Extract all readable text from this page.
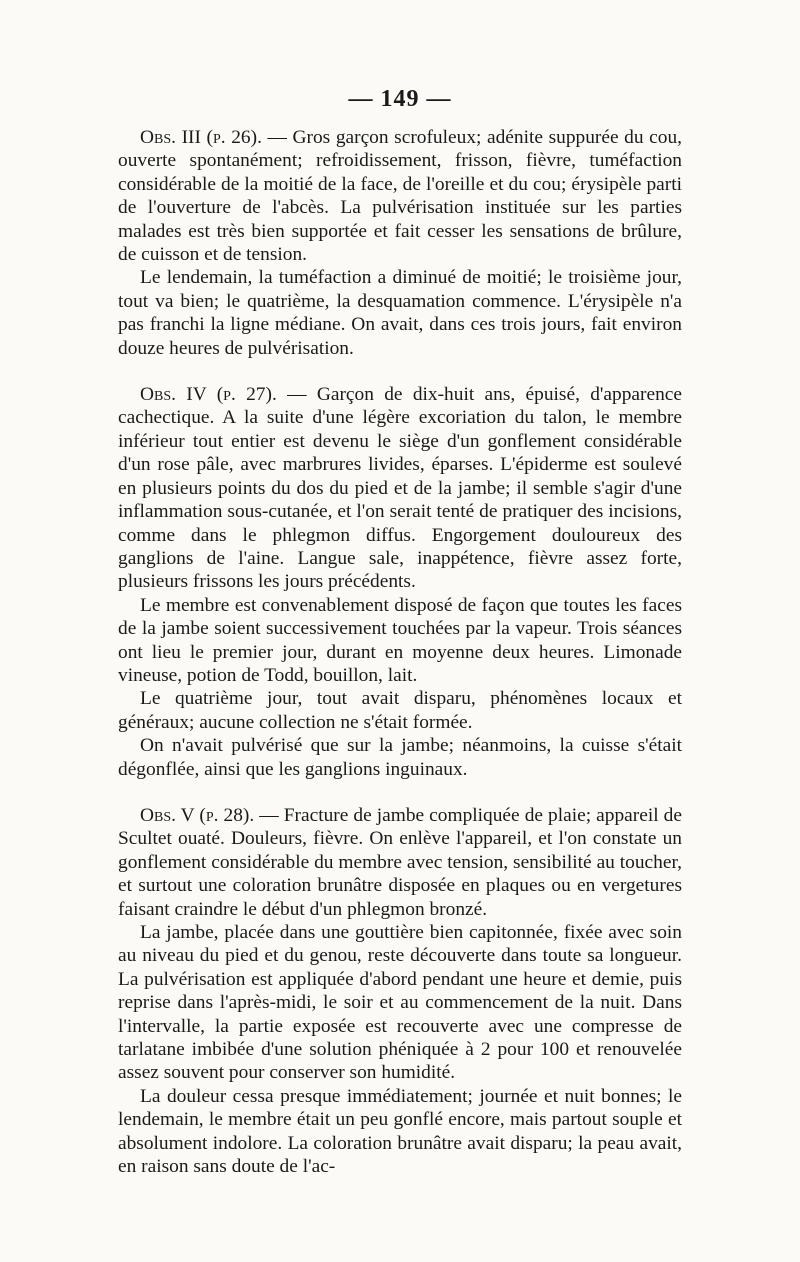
— 149 —

Obs. III (p. 26). — Gros garçon scrofuleux; adénite suppurée du cou, ouverte spontanément; refroidissement, frisson, fièvre, tuméfaction considérable de la moitié de la face, de l'oreille et du cou; érysipèle parti de l'ouverture de l'abcès. La pulvérisation instituée sur les parties malades est très bien supportée et fait cesser les sensations de brûlure, de cuisson et de tension.

Le lendemain, la tuméfaction a diminué de moitié; le troisième jour, tout va bien; le quatrième, la desquamation commence. L'érysipèle n'a pas franchi la ligne médiane. On avait, dans ces trois jours, fait environ douze heures de pulvérisation.

Obs. IV (p. 27). — Garçon de dix-huit ans, épuisé, d'apparence cachectique. A la suite d'une légère excoriation du talon, le membre inférieur tout entier est devenu le siège d'un gonflement considérable d'un rose pâle, avec marbrures livides, éparses. L'épiderme est soulevé en plusieurs points du dos du pied et de la jambe; il semble s'agir d'une inflammation sous-cutanée, et l'on serait tenté de pratiquer des incisions, comme dans le phlegmon diffus. Engorgement douloureux des ganglions de l'aine. Langue sale, inappétence, fièvre assez forte, plusieurs frissons les jours précédents.

Le membre est convenablement disposé de façon que toutes les faces de la jambe soient successivement touchées par la vapeur. Trois séances ont lieu le premier jour, durant en moyenne deux heures. Limonade vineuse, potion de Todd, bouillon, lait.

Le quatrième jour, tout avait disparu, phénomènes locaux et généraux; aucune collection ne s'était formée.

On n'avait pulvérisé que sur la jambe; néanmoins, la cuisse s'était dégonflée, ainsi que les ganglions inguinaux.

Obs. V (p. 28). — Fracture de jambe compliquée de plaie; appareil de Scultet ouaté. Douleurs, fièvre. On enlève l'appareil, et l'on constate un gonflement considérable du membre avec tension, sensibilité au toucher, et surtout une coloration brunâtre disposée en plaques ou en vergetures faisant craindre le début d'un phlegmon bronzé.

La jambe, placée dans une gouttière bien capitonnée, fixée avec soin au niveau du pied et du genou, reste découverte dans toute sa longueur. La pulvérisation est appliquée d'abord pendant une heure et demie, puis reprise dans l'après-midi, le soir et au commencement de la nuit. Dans l'intervalle, la partie exposée est recouverte avec une compresse de tarlatane imbibée d'une solution phéniquée à 2 pour 100 et renouvelée assez souvent pour conserver son humidité.

La douleur cessa presque immédiatement; journée et nuit bonnes; le lendemain, le membre était un peu gonflé encore, mais partout souple et absolument indolore. La coloration brunâtre avait disparu; la peau avait, en raison sans doute de l'ac-
